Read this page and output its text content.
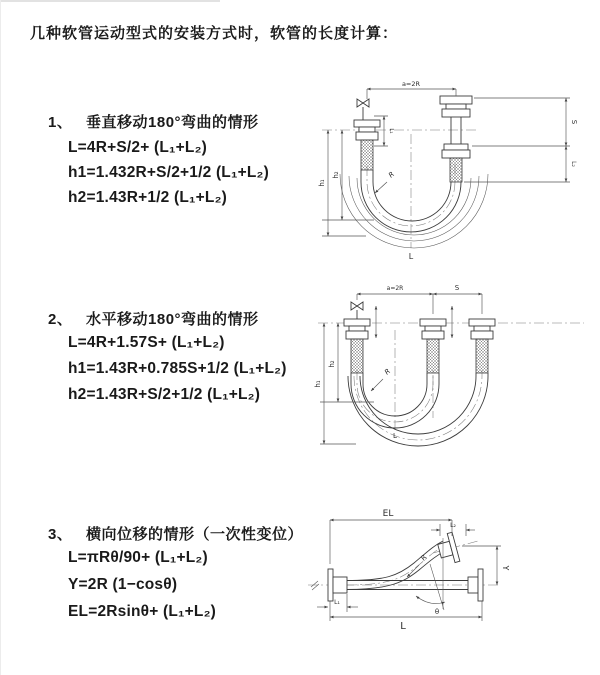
几种软管运动型式的安装方式时，软管的长度计算：
1、 垂直移动180°弯曲的情形
L=4R+S/2+ (L₁+L₂)
h1=1.432R+S/2+1/2 (L₁+L₂)
h2=1.43R+1/2 (L₁+L₂)
2、 水平移动180°弯曲的情形
L=4R+1.57S+ (L₁+L₂)
h1=1.43R+0.785S+1/2 (L₁+L₂)
h2=1.43R+S/2+1/2 (L₁+L₂)
3、 横向位移的情形（一次性变位）
L=πRθ/90+ (L₁+L₂)
Y=2R (1−cosθ)
EL=2Rsinθ+ (L₁+L₂)
a=2R
L₁
S
L₂
h₂
h₁
R
L
a=2R	S
h₂
h₁
R
L
θ
EL
L₂
Y
R
L
L₁
